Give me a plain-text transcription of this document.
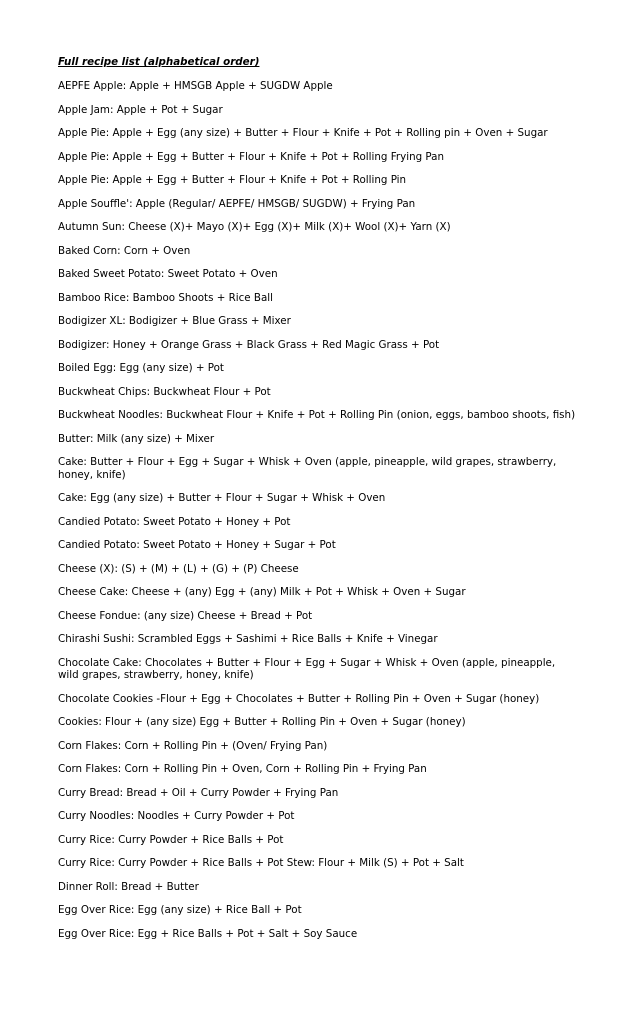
Full recipe list (alphabetical order)
AEPFE Apple: Apple + HMSGB Apple + SUGDW Apple
Apple Jam: Apple + Pot + Sugar
Apple Pie: Apple + Egg (any size) + Butter + Flour + Knife + Pot + Rolling pin + Oven + Sugar
Apple Pie: Apple + Egg + Butter + Flour + Knife + Pot + Rolling Frying Pan
Apple Pie: Apple + Egg + Butter + Flour + Knife + Pot + Rolling Pin
Apple Souffle': Apple (Regular/ AEPFE/ HMSGB/ SUGDW) + Frying Pan
Autumn Sun: Cheese (X)+ Mayo (X)+ Egg (X)+ Milk (X)+ Wool (X)+ Yarn (X)
Baked Corn: Corn + Oven
Baked Sweet Potato: Sweet Potato + Oven
Bamboo Rice: Bamboo Shoots + Rice Ball
Bodigizer XL: Bodigizer + Blue Grass + Mixer
Bodigizer: Honey + Orange Grass + Black Grass + Red Magic Grass + Pot
Boiled Egg: Egg (any size) + Pot
Buckwheat Chips: Buckwheat Flour + Pot
Buckwheat Noodles: Buckwheat Flour + Knife + Pot + Rolling Pin (onion, eggs, bamboo shoots, fish)
Butter: Milk (any size) + Mixer
Cake: Butter + Flour + Egg + Sugar + Whisk + Oven (apple, pineapple, wild grapes, strawberry, honey, knife)
Cake: Egg (any size) + Butter + Flour + Sugar + Whisk + Oven
Candied Potato: Sweet Potato + Honey + Pot
Candied Potato: Sweet Potato + Honey + Sugar + Pot
Cheese (X): (S) + (M) + (L) + (G) + (P) Cheese
Cheese Cake: Cheese + (any) Egg + (any) Milk + Pot + Whisk + Oven + Sugar
Cheese Fondue: (any size) Cheese + Bread + Pot
Chirashi Sushi: Scrambled Eggs + Sashimi + Rice Balls + Knife + Vinegar
Chocolate Cake: Chocolates + Butter + Flour + Egg + Sugar + Whisk + Oven (apple, pineapple, wild grapes, strawberry, honey, knife)
Chocolate Cookies -Flour + Egg + Chocolates + Butter + Rolling Pin + Oven + Sugar (honey)
Cookies: Flour + (any size) Egg + Butter + Rolling Pin + Oven + Sugar (honey)
Corn Flakes: Corn + Rolling Pin + (Oven/ Frying Pan)
Corn Flakes: Corn + Rolling Pin + Oven, Corn + Rolling Pin + Frying Pan
Curry Bread: Bread + Oil + Curry Powder + Frying Pan
Curry Noodles: Noodles + Curry Powder + Pot
Curry Rice: Curry Powder + Rice Balls + Pot
Curry Rice: Curry Powder + Rice Balls + Pot Stew: Flour + Milk (S) + Pot + Salt
Dinner Roll: Bread + Butter
Egg Over Rice: Egg (any size) + Rice Ball + Pot
Egg Over Rice: Egg + Rice Balls + Pot + Salt + Soy Sauce
